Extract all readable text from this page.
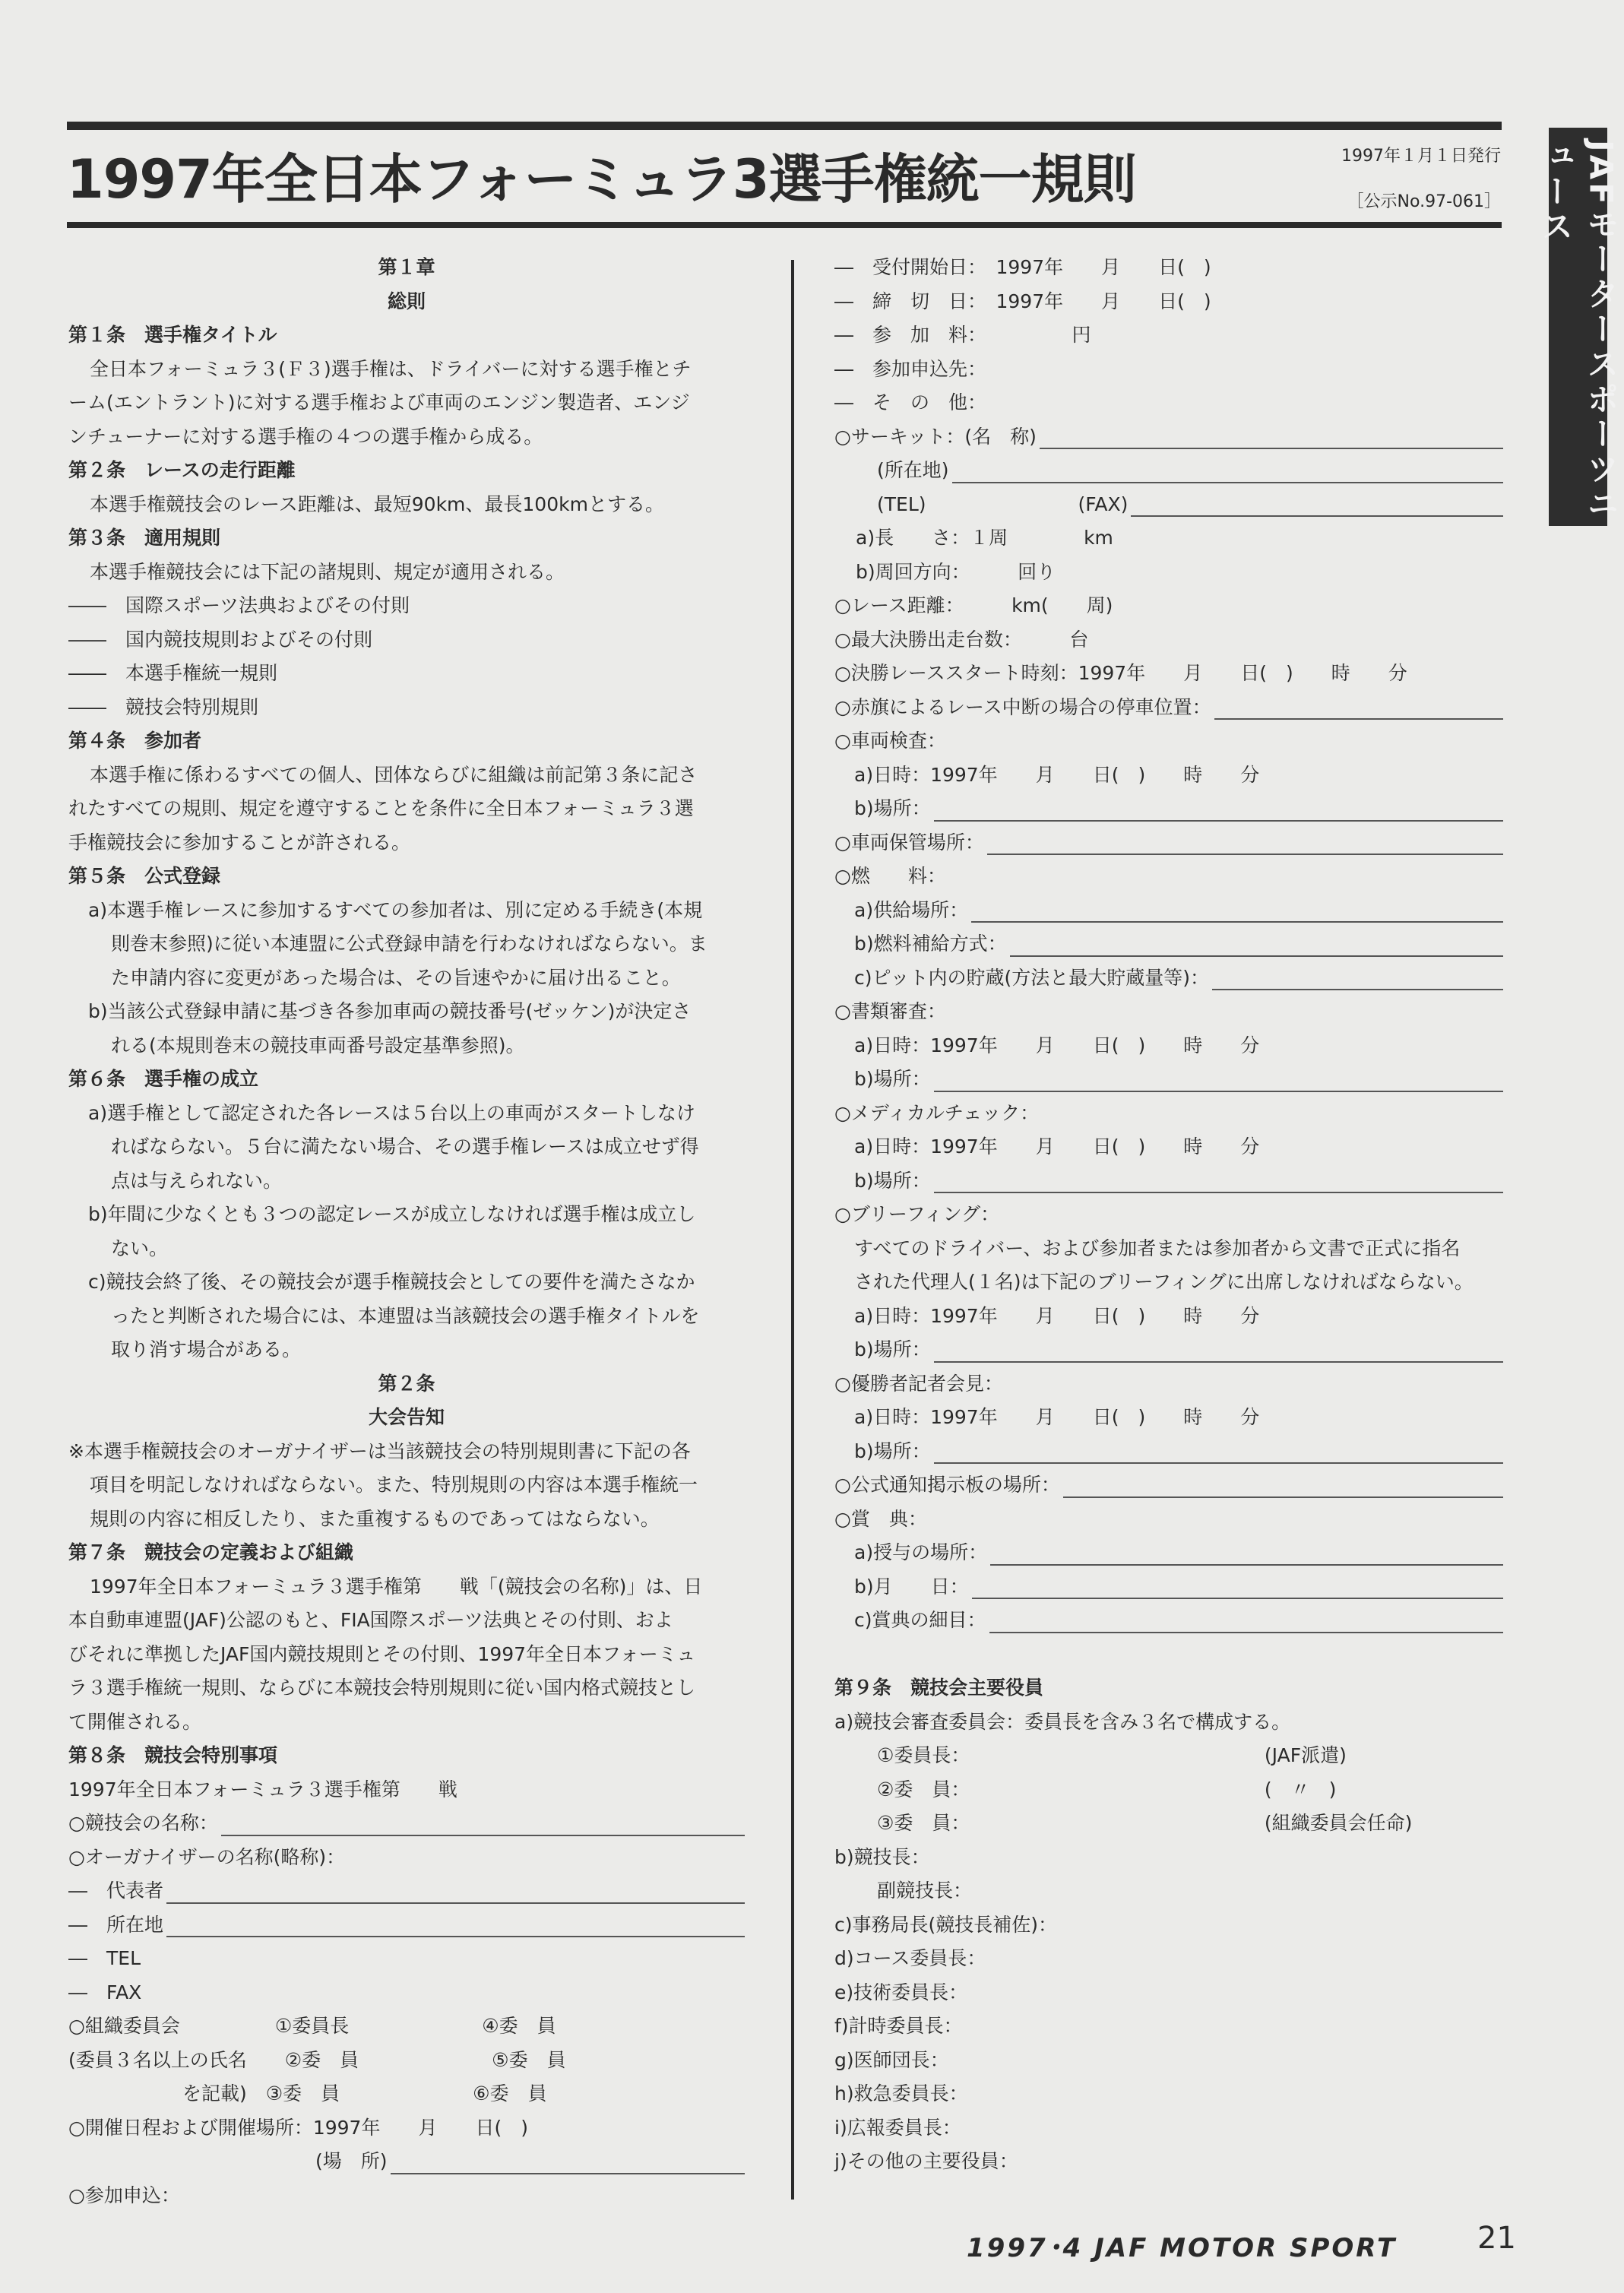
1997年全日本フォーミュラ3選手権統一規則	1997年１月１日発行
［公示No.97-061］	JAFモータースポーツニュース
第１章
総則
第１条　選手権タイトル
全日本フォーミュラ３(Ｆ３)選手権は、ドライバーに対する選手権とチ
ーム(エントラント)に対する選手権および車両のエンジン製造者、エンジ
ンチューナーに対する選手権の４つの選手権から成る。
第２条　レースの走行距離
本選手権競技会のレース距離は、最短90km、最長100kmとする。
第３条　適用規則
本選手権競技会には下記の諸規則、規定が適用される。
――　国際スポーツ法典およびその付則
――　国内競技規則およびその付則
――　本選手権統一規則
――　競技会特別規則
第４条　参加者
本選手権に係わるすべての個人、団体ならびに組織は前記第３条に記さ
れたすべての規則、規定を遵守することを条件に全日本フォーミュラ３選
手権競技会に参加することが許される。
第５条　公式登録
a)本選手権レースに参加するすべての参加者は、別に定める手続き(本規
則巻末参照)に従い本連盟に公式登録申請を行わなければならない。ま
た申請内容に変更があった場合は、その旨速やかに届け出ること。
b)当該公式登録申請に基づき各参加車両の競技番号(ゼッケン)が決定さ
れる(本規則巻末の競技車両番号設定基準参照)。
第６条　選手権の成立
a)選手権として認定された各レースは５台以上の車両がスタートしなけ
ればならない。５台に満たない場合、その選手権レースは成立せず得
点は与えられない。
b)年間に少なくとも３つの認定レースが成立しなければ選手権は成立し
ない。
c)競技会終了後、その競技会が選手権競技会としての要件を満たさなか
ったと判断された場合には、本連盟は当該競技会の選手権タイトルを
取り消す場合がある。
第２条
大会告知
※本選手権競技会のオーガナイザーは当該競技会の特別規則書に下記の各
項目を明記しなければならない。また、特別規則の内容は本選手権統一
規則の内容に相反したり、また重複するものであってはならない。
第７条　競技会の定義および組織
1997年全日本フォーミュラ３選手権第　　戦「(競技会の名称)」は、日
本自動車連盟(JAF)公認のもと、FIA国際スポーツ法典とその付則、およ
びそれに準拠したJAF国内競技規則とその付則、1997年全日本フォーミュ
ラ３選手権統一規則、ならびに本競技会特別規則に従い国内格式競技とし
て開催される。
第８条　競技会特別事項
1997年全日本フォーミュラ３選手権第　　戦
○競技会の名称：
○オーガナイザーの名称(略称)：
―　代表者
―　所在地
―　TEL
―　FAX
○組織委員会　　　　　①委員長　　　　　　　④委　員
(委員３名以上の氏名　　②委　員　　　　　　　⑤委　員
　　　　　　を記載)　③委　員　　　　　　　⑥委　員
○開催日程および開催場所：1997年　　月　　日(　)
　　　　　　　　　　　　　(場　所)
○参加申込：
―　受付開始日：　1997年　　月　　日(　)
―　締　切　日：　1997年　　月　　日(　)
―　参　加　料：　　　　　円
―　参加申込先：
―　そ　の　他：
○サーキット：(名　称)
(所在地)
(TEL)　　　　　　　　(FAX)
a)長　　さ：１周　　　　km
b)周回方向：　　　回り
○レース距離：　　　km(　　周)
○最大決勝出走台数：　　　台
○決勝レーススタート時刻：1997年　　月　　日(　)　　時　　分
○赤旗によるレース中断の場合の停車位置：
○車両検査：
a)日時：1997年　　月　　日(　)　　時　　分
b)場所：
○車両保管場所：
○燃　　料：
a)供給場所：
b)燃料補給方式：
c)ピット内の貯蔵(方法と最大貯蔵量等)：
○書類審査：
a)日時：1997年　　月　　日(　)　　時　　分
b)場所：
○メディカルチェック：
a)日時：1997年　　月　　日(　)　　時　　分
b)場所：
○ブリーフィング：
すべてのドライバー、および参加者または参加者から文書で正式に指名
された代理人(１名)は下記のブリーフィングに出席しなければならない。
a)日時：1997年　　月　　日(　)　　時　　分
b)場所：
○優勝者記者会見：
a)日時：1997年　　月　　日(　)　　時　　分
b)場所：
○公式通知掲示板の場所：
○賞　典：
a)授与の場所：
b)月　　日：
c)賞典の細目：
第９条　競技会主要役員
a)競技会審査委員会：委員長を含み３名で構成する。
①委員長：　　　　　　　　　　　　　　　　(JAF派遣)
②委　員：　　　　　　　　　　　　　　　　(　〃　)
③委　員：　　　　　　　　　　　　　　　　(組織委員会任命)
b)競技長：
副競技長：
c)事務局長(競技長補佐)：
d)コース委員長：
e)技術委員長：
f)計時委員長：
g)医師団長：
h)救急委員長：
i)広報委員長：
j)その他の主要役員：
1997･4 JAF MOTOR SPORT	21
